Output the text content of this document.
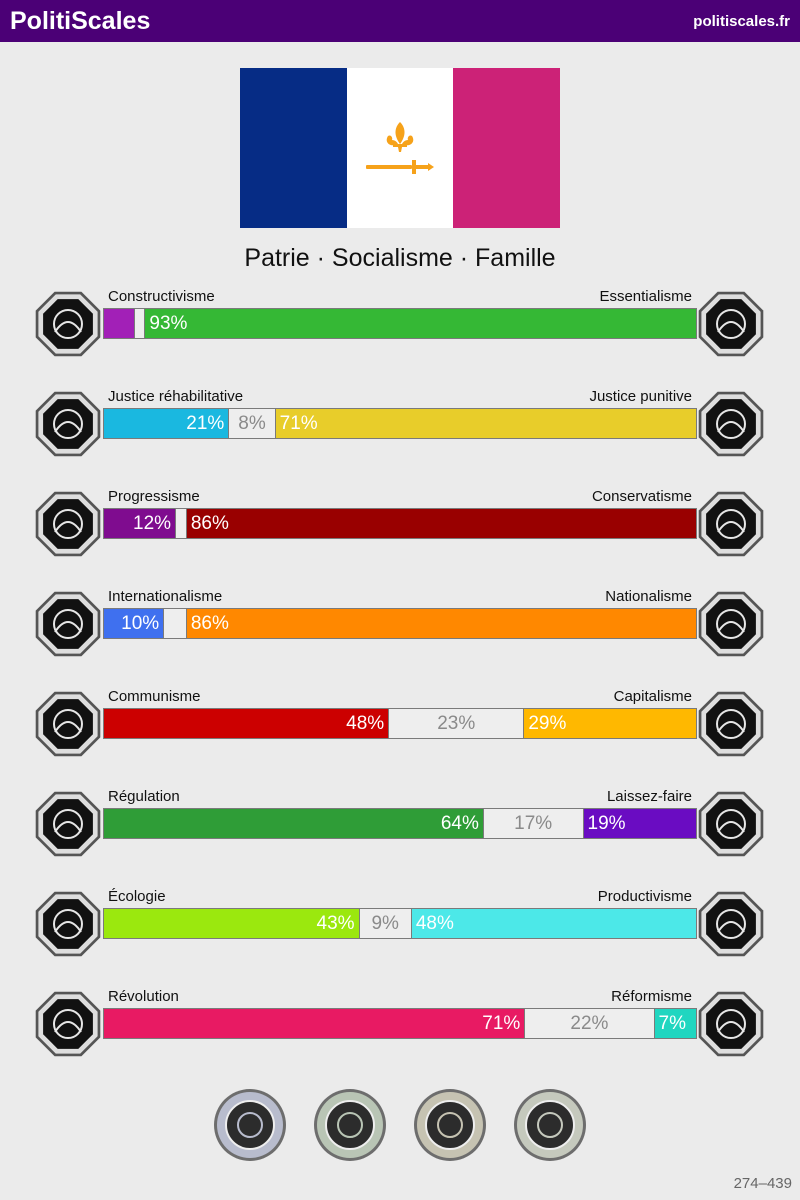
PolitiScales	politiscales.fr
Patrie · Socialisme · Famille
Constructivisme	Essentialisme
93%
Justice réhabilitative	Justice punitive
21% 8% 71%
Progressisme	Conservatisme
12% 86%
Internationalisme	Nationalisme
10% 86%
Communisme	Capitalisme
48%	23%	29%
Régulation	Laissez-faire
64%	17%	19%
Écologie	Productivisme
43% 9% 48%
Révolution	Réformisme
71%	22%	7%
274–439
